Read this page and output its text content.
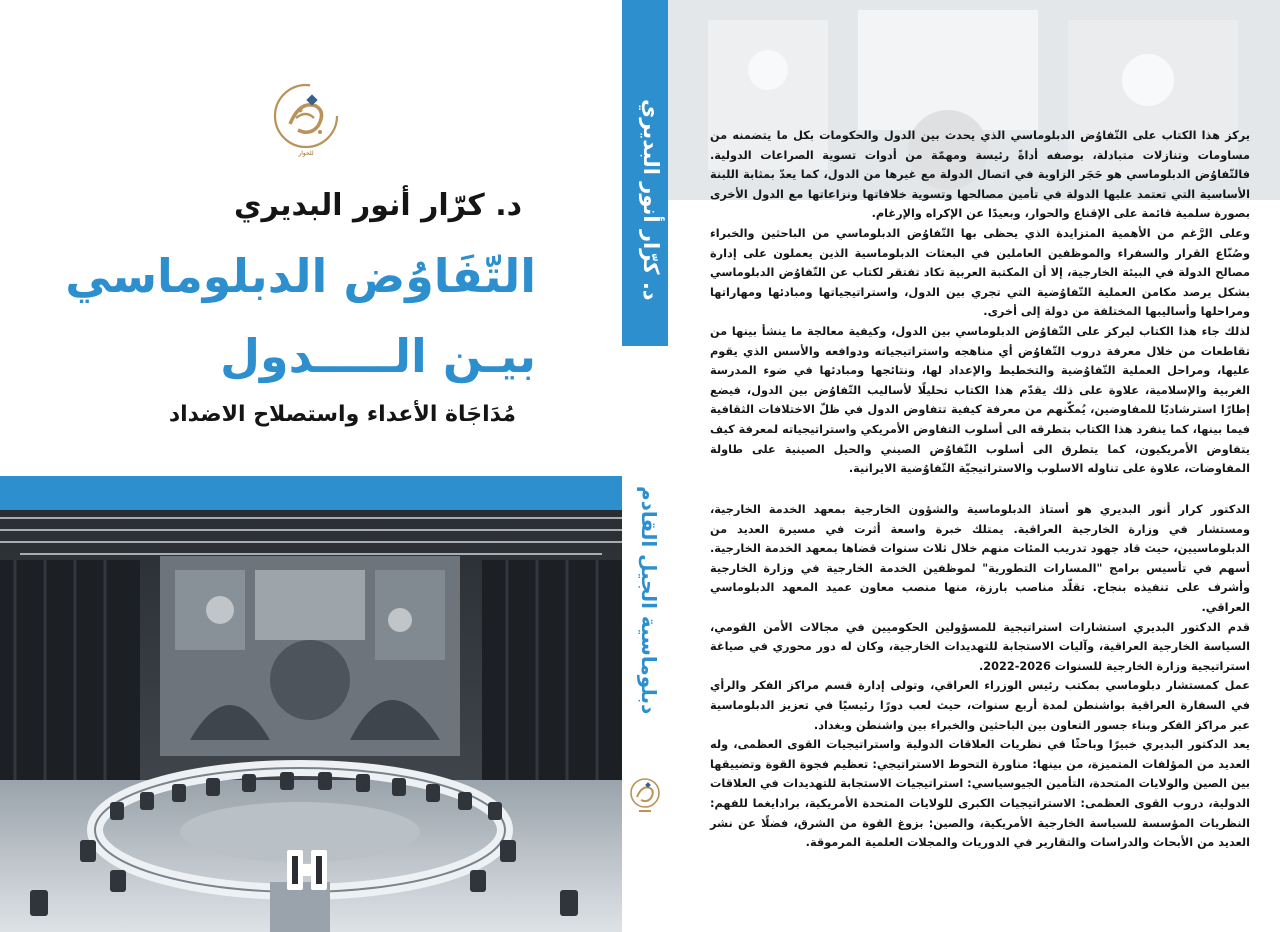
للحوار
د. كرّار أنور البديري
التّفَاوُض الدبلوماسي
بيـن الـــــدول
مُدَاجَاة الأعداء واستصلاح الاضداد
د. كرّار أنور البديري
دبلوماسية الجيل القادم

يركز هذا الكتاب على التّفاوُض الدبلوماسي الذي يحدث بين الدول والحكومات بكل ما يتضمنه من مساومات وتنازلات متبادلة، بوصفه أداةً رئيسة ومهمّة من أدوات تسوية الصراعات الدولية. فالتّفاوُض الدبلوماسي هو حَجَر الزاوية في اتصال الدولة مع غيرها من الدول، كما يعدّ بمثابة اللبنة الأساسية التي تعتمد عليها الدولة في تأمين مصالحها وتسوية خلافاتها ونزاعاتها مع الدول الأخرى بصورة سلمية قائمة على الإقناع والحوار، وبعيدًا عن الإكراه والإرغام.

وعلى الرَّغم من الأهمية المتزايدة الذي يحظى بها التّفاوُض الدبلوماسي من الباحثين والخبراء وصُنّاع القرار والسفراء والموظفين العاملين في البعثات الدبلوماسية الذين يعملون على إدارة مصالح الدولة في البيئة الخارجية، إلا أن المكتبة العربية تكاد تفتقر لكتاب عن التّفاوُض الدبلوماسي بشكل يرصد مكامن العملية التّفاوُضية التي تجري بين الدول، واستراتيجياتها ومبادئها ومهاراتها ومراحلها وأساليبها المختلفة من دولة إلى أخرى.

لذلك جاء هذا الكتاب ليركز على التّفاوُض الدبلوماسي بين الدول، وكيفية معالجة ما ينشأ بينها من تقاطعات من خلال معرفة دروب التّفاوُض أي مناهجه واستراتيجياته ودوافعه والأسس الذي يقوم عليها، ومراحل العملية التّفاوُضية والتخطيط والإعداد لها، ونتائجها ومبادئها في ضوء المدرسة الغربية والإسلامية، علاوة على ذلك يقدّم هذا الكتاب تحليلًا لأساليب التّفاوُض بين الدول، فيضع إطارًا استرشاديًا للمفاوضين، يُمكّنهم من معرفة كيفية تتفاوض الدول في ظلّ الاختلافات الثقافية فيما بينها، كما ينفرد هذا الكتاب بتطرقه الى أسلوب التفاوض الأمريكي واستراتيجياته لمعرفة كيف يتفاوض الأمريكيون، كما يتطرق الى أسلوب التّفاوُض الصيني والحيل الصينية على طاولة المفاوضات، علاوة على تناوله الاسلوب والاستراتيجيّة التّفاوُضية الايرانية.

الدكتور كرار أنور البديري هو أستاذ الدبلوماسية والشؤون الخارجية بمعهد الخدمة الخارجية، ومستشار في وزارة الخارجية العراقية. يمتلك خبرة واسعة أثرت في مسيرة العديد من الدبلوماسيين، حيث قاد جهود تدريب المئات منهم خلال ثلاث سنوات قضاها بمعهد الخدمة الخارجية. أسهم في تأسيس برامج "المسارات التطورية" لموظفين الخدمة الخارجية في وزارة الخارجية وأشرف على تنفيذه بنجاح. تقلّد مناصب بارزة، منها منصب معاون عميد المعهد الدبلوماسي العراقي.

قدم الدكتور البديري استشارات استراتيجية للمسؤولين الحكوميين في مجالات الأمن القومي، السياسة الخارجية العراقية، وآليات الاستجابة للتهديدات الخارجية، وكان له دور محوري في صياغة استراتيجية وزارة الخارجية للسنوات 2026-2022.

عمل كمستشار دبلوماسي بمكتب رئيس الوزراء العراقي، وتولى إدارة قسم مراكز الفكر والرأي في السفارة العراقية بواشنطن لمدة أربع سنوات، حيث لعب دورًا رئيسيًا في تعزيز الدبلوماسية عبر مراكز الفكر وبناء جسور التعاون بين الباحثين والخبراء بين واشنطن وبغداد.

يعد الدكتور البديري خبيرًا وباحثًا في نظريات العلاقات الدولية واستراتيجيات القوى العظمى، وله العديد من المؤلفات المتميزة، من بينها: مناورة التحوط الاستراتيجي: تعظيم فجوة القوة وتضييقها بين الصين والولايات المتحدة، التأمين الجيوسياسي: استراتيجيات الاستجابة للتهديدات في العلاقات الدولية، دروب القوى العظمى: الاستراتيجيات الكبرى للولايات المتحدة الأمريكية، برادايغما للفهم: النظريات المؤسسة للسياسة الخارجية الأمريكية، والصين: بزوغ القوة من الشرق، فضلًا عن نشر العديد من الأبحاث والدراسات والتقارير في الدوريات والمجلات العلمية المرموقة.
